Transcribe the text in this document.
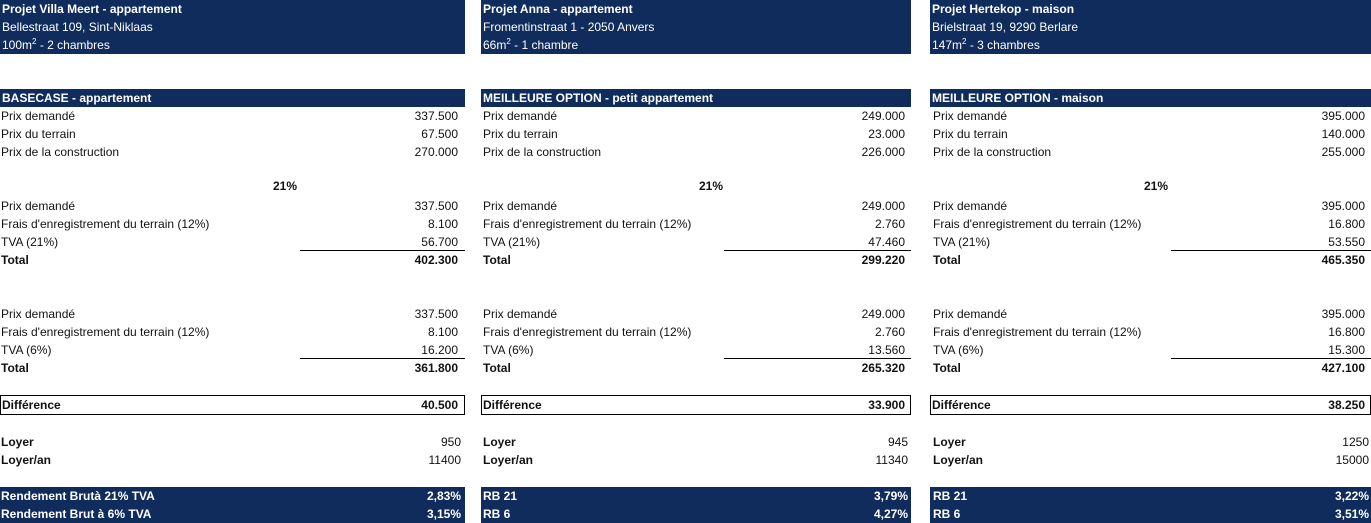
Projet Villa Meert - appartement
Bellestraat 109, Sint-Niklaas
$100m^2 - 2$ chambres
BASECASE - appartement
Prix demandé	337.500
Prix du terrain	67.500
Prix de la construction	270.000
21%
Prix demandé	337.500
Frais d'enregistrement du terrain (12%)	8.100
TVA (21%)	56.700
Total	402.300
Prix demandé	337.500
Frais d'enregistrement du terrain (12%)	8.100
TVA (6%)	16.200
Total	361.800
Différence	40.500
Loyer	950
Loyer/an	11400
Rendement Brutà 21% TVA	2,83%
Rendement Brut à 6% TVA	3,15%
Projet Anna - appartement
Fromentinstraat 1 - 2050 Anvers
$66m^2 - 1$ chambre
MEILLEURE OPTION - petit appartement
Prix demandé	249.000
Prix du terrain	23.000
Prix de la construction	226.000
21%
Prix demandé	249.000
Frais d'enregistrement du terrain (12%)	2.760
TVA (21%)	47.460
Total	299.220
Prix demandé	249.000
Frais d'enregistrement du terrain (12%)	2.760
TVA (6%)	13.560
Total	265.320
Différence	33.900
Loyer	945
Loyer/an	11340
RB 21	3,79%
RB 6	4,27%
Projet Hertekop - maison
Brielstraat 19, 9290 Berlare
$147m^2 - 3$ chambres
MEILLEURE OPTION - maison
Prix demandé	395.000
Prix du terrain	140.000
Prix de la construction	255.000
21%
Prix demandé	395.000
Frais d'enregistrement du terrain (12%)	16.800
TVA (21%)	53.550
Total	465.350
Prix demandé	395.000
Frais d'enregistrement du terrain (12%)	16.800
TVA (6%)	15.300
Total	427.100
Différence	38.250
Loyer	1250
Loyer/an	15000
RB 21	3,22%
RB 6	3,51%
